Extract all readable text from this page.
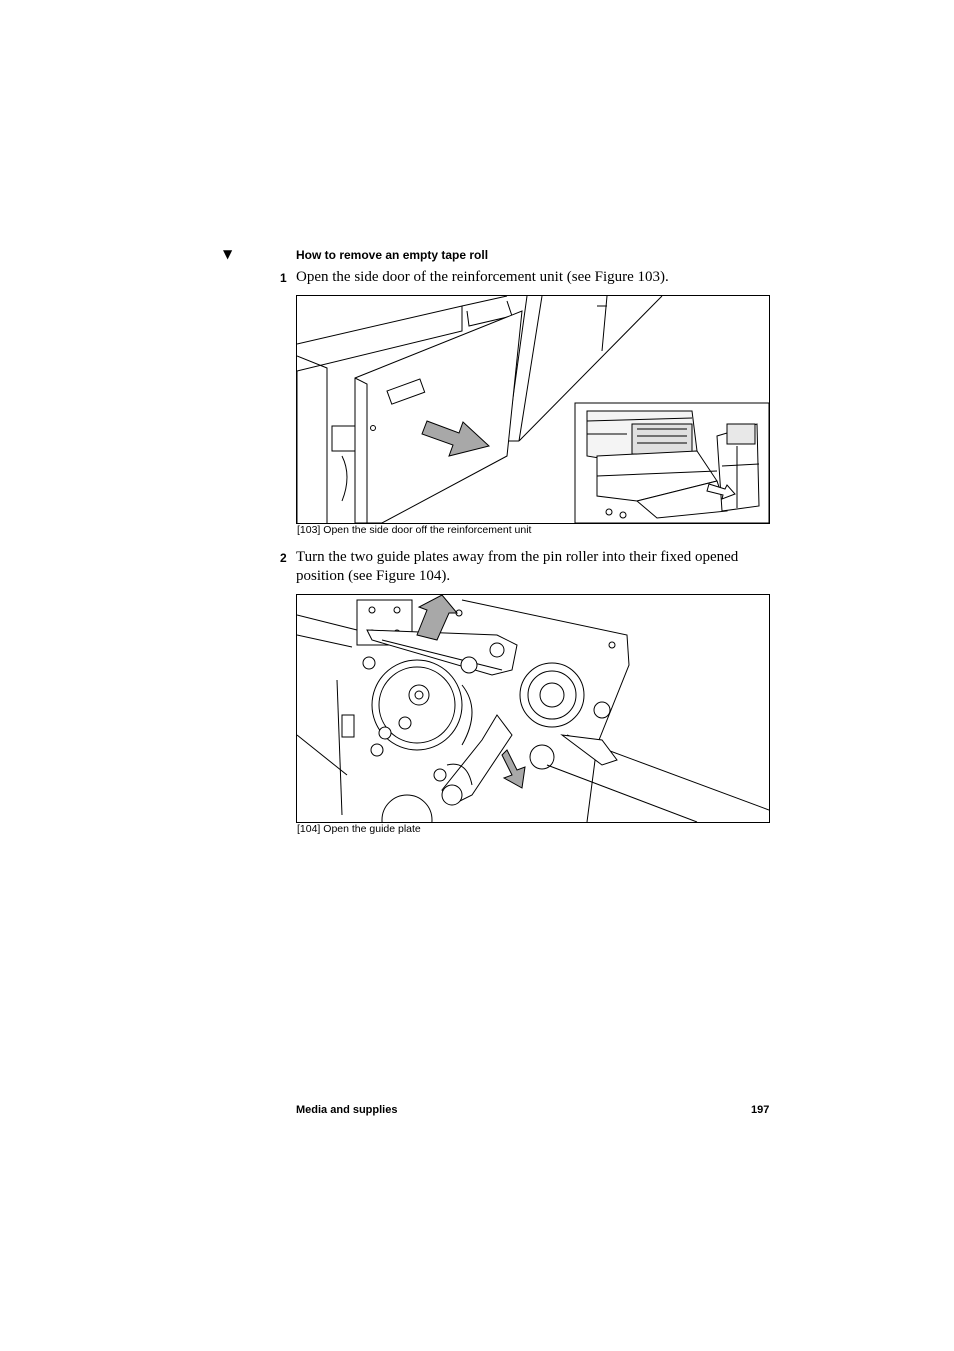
▼	How to remove an empty tape roll
1 Open the side door of the reinforcement unit (see Figure 103).
[103] Open the side door off the reinforcement unit
2 Turn the two guide plates away from the pin roller into their fixed opened
position (see Figure 104).
[104] Open the guide plate
Media and supplies	197
